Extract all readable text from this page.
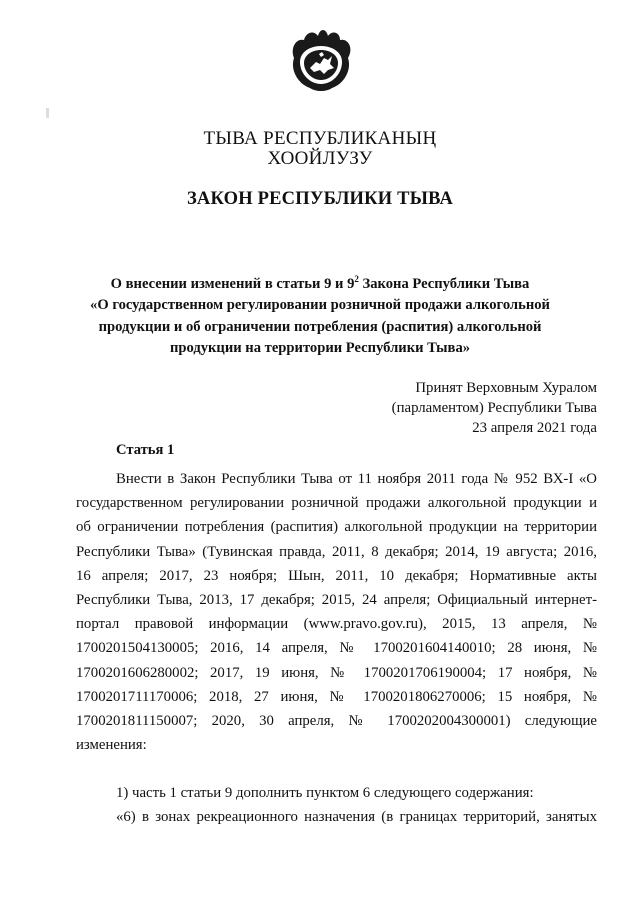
ТЫВА РЕСПУБЛИКАНЫҢ
ХООЙЛУЗУ
ЗАКОН РЕСПУБЛИКИ ТЫВА
О внесении изменений в статьи 9 и $9^2$ Закона Республики Тыва
«О государственном регулировании розничной продажи алкогольной
продукции и об ограничении потребления (распития) алкогольной
продукции на территории Республики Тыва»
Принят Верховным Хуралом
(парламентом) Республики Тыва
23 апреля 2021 года
Статья 1
Внести в Закон Республики Тыва от 11 ноября 2011 года № 952 ВХ-I «О
государственном регулировании розничной продажи алкогольной продукции и
об ограничении потребления (распития) алкогольной продукции на территории
Республики Тыва» (Тувинская правда, 2011, 8 декабря; 2014, 19 августа; 2016,
16 апреля; 2017, 23 ноября; Шын, 2011, 10 декабря; Нормативные акты
Республики Тыва, 2013, 17 декабря; 2015, 24 апреля; Официальный интернет-
портал правовой информации (www.pravo.gov.ru), 2015, 13 апреля, №
1700201504130005; 2016, 14 апреля, № 1700201604140010; 28 июня, №
1700201606280002; 2017, 19 июня, № 1700201706190004; 17 ноября, №
1700201711170006; 2018, 27 июня, № 1700201806270006; 15 ноября, №
1700201811150007; 2020, 30 апреля, № 1700202004300001) следующие
изменения:
1) часть 1 статьи 9 дополнить пунктом 6 следующего содержания:
«6) в зонах рекреационного назначения (в границах территорий, занятых
